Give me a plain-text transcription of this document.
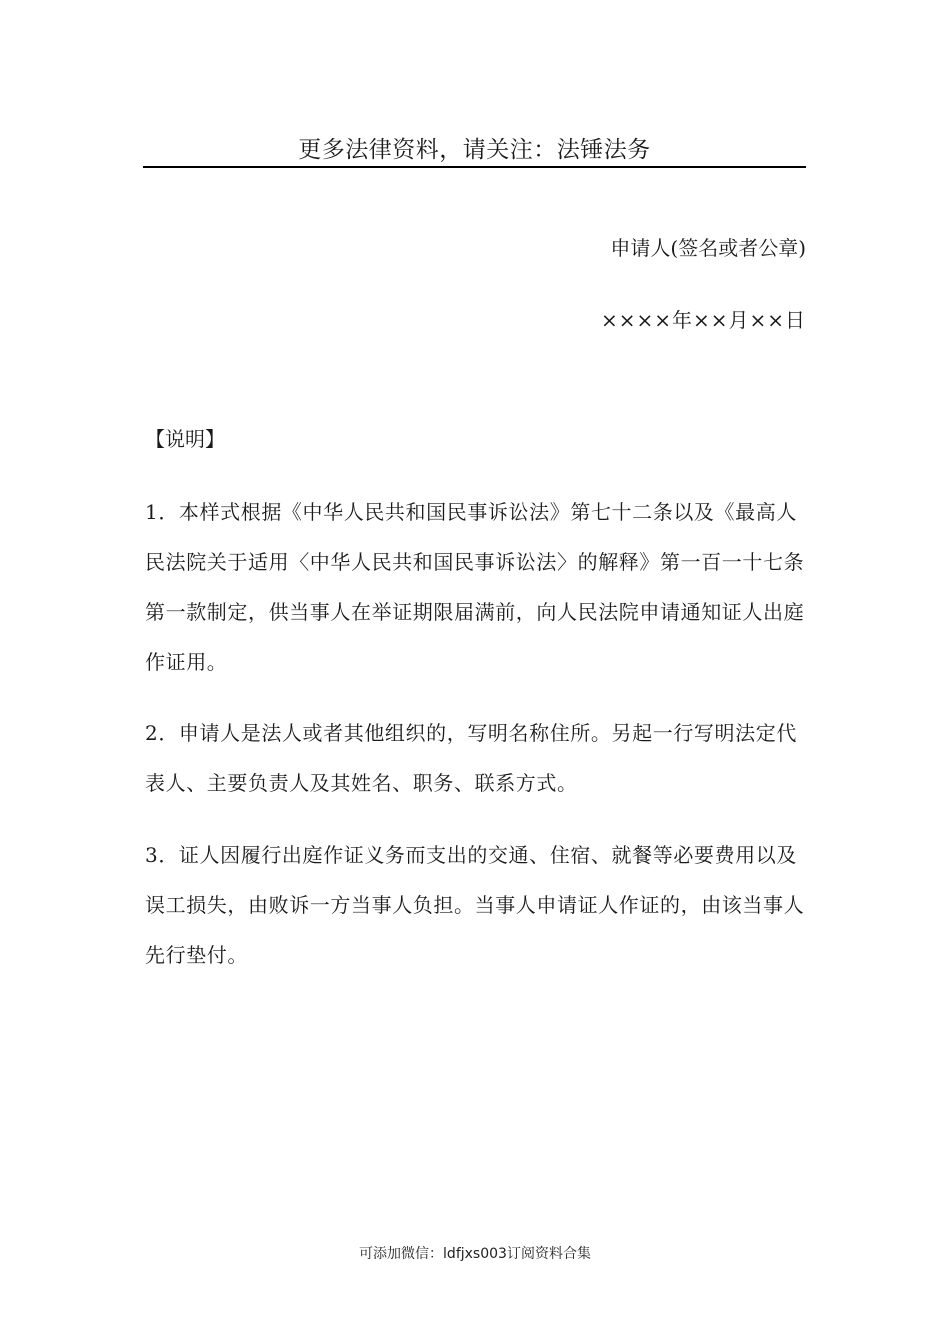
更多法律资料，请关注：法锤法务
申请人(签名或者公章)
××××年××月××日
【说明】

1．本样式根据《中华人民共和国民事诉讼法》第七十二条以及《最高人民法院关于适用〈中华人民共和国民事诉讼法〉的解释》第一百一十七条第一款制定，供当事人在举证期限届满前，向人民法院申请通知证人出庭作证用。

2．申请人是法人或者其他组织的，写明名称住所。另起一行写明法定代表人、主要负责人及其姓名、职务、联系方式。

3．证人因履行出庭作证义务而支出的交通、住宿、就餐等必要费用以及误工损失，由败诉一方当事人负担。当事人申请证人作证的，由该当事人先行垫付。

可添加微信：ldfjxs003订阅资料合集
